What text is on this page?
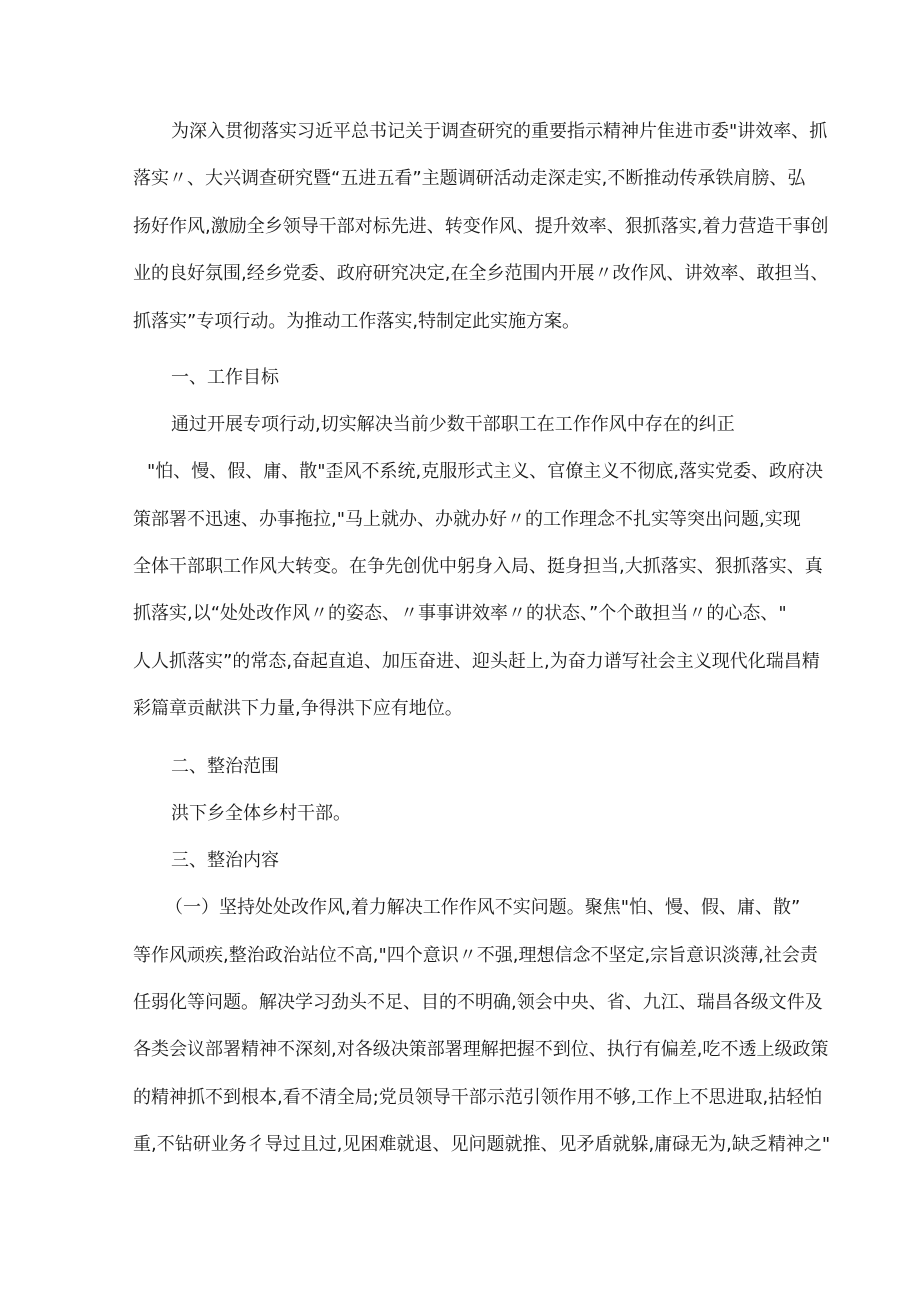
为深入贯彻落实习近平总书记关于调查研究的重要指示精神片隹进市委"讲效率、抓
落实〃、大兴调查研究暨“五进五看”主题调研活动走深走实,不断推动传承铁肩膀、弘
扬好作风,激励全乡领导干部对标先进、转变作风、提升效率、狠抓落实,着力营造干事创
业的良好氛围,经乡党委、政府研究决定,在全乡范围内开展〃改作风、讲效率、敢担当、
抓落实”专项行动。为推动工作落实,特制定此实施方案。
一、工作目标
通过开展专项行动,切实解决当前少数干部职工在工作作风中存在的纠正
"怕、慢、假、庸、散"歪风不系统,克服形式主义、官僚主义不彻底,落实党委、政府决
策部署不迅速、办事拖拉,"马上就办、办就办好〃的工作理念不扎实等突出问题,实现
全体干部职工作风大转变。在争先创优中躬身入局、挺身担当,大抓落实、狠抓落实、真
抓落实,以“处处改作风〃的姿态、〃事事讲效率〃的状态、”个个敢担当〃的心态、"
人人抓落实”的常态,奋起直追、加压奋进、迎头赶上,为奋力谱写社会主义现代化瑞昌精
彩篇章贡献洪下力量,争得洪下应有地位。
二、整治范围
洪下乡全体乡村干部。
三、整治内容
（一）坚持处处改作风,着力解决工作作风不实问题。聚焦"怕、慢、假、庸、散”
等作风顽疾,整治政治站位不高,"四个意识〃不强,理想信念不坚定,宗旨意识淡薄,社会责
任弱化等问题。解决学习劲头不足、目的不明确,领会中央、省、九江、瑞昌各级文件及
各类会议部署精神不深刻,对各级决策部署理解把握不到位、执行有偏差,吃不透上级政策
的精神抓不到根本,看不清全局;党员领导干部示范引领作用不够,工作上不思进取,拈轻怕
重,不钻研业务彳导过且过,见困难就退、见问题就推、见矛盾就躲,庸碌无为,缺乏精神之"
